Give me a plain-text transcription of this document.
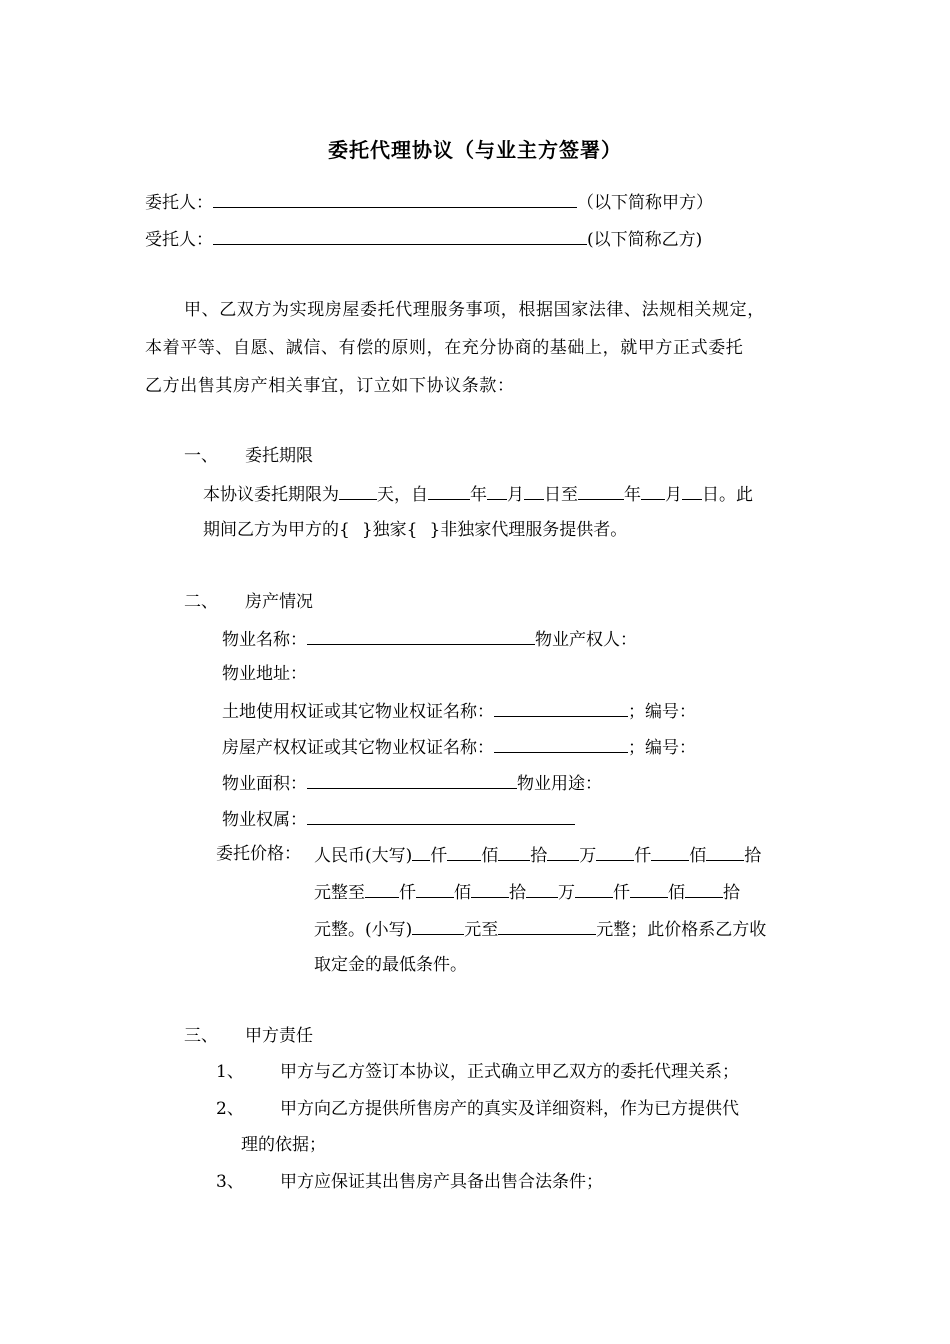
委托代理协议（与业主方签署）
委托人：	（以下简称甲方）
受托人：	(以下简称乙方)
甲、乙双方为实现房屋委托代理服务事项，根据国家法律、法规相关规定，
本着平等、自愿、誠信、有偿的原则，在充分协商的基础上，就甲方正式委托
乙方出售其房产相关事宜，订立如下协议条款：
一、 委托期限
本协议委托期限为 天，自 年 月 日至	年 月 日。此
期间乙方为甲方的{ }独家{ }非独家代理服务提供者。
二、 房产情况
物业名称：	物业产权人：
物业地址：
土地使用权证或其它物业权证名称：	；编号：
房屋产权权证或其它物业权证名称：	；编号：
物业面积：	物业用途：
物业权属：
委托价格： 人民币(大写) 仟 佰 拾 万 仟 佰 拾
元整至 仟 佰 拾 万 仟 佰 拾
元整。(小写)	元至	元整；此价格系乙方收
取定金的最低条件。
三、 甲方责任
1、 甲方与乙方签订本协议，正式确立甲乙双方的委托代理关系；
2、 甲方向乙方提供所售房产的真实及详细资料，作为已方提供代
理的依据；
3、 甲方应保证其出售房产具备出售合法条件；
